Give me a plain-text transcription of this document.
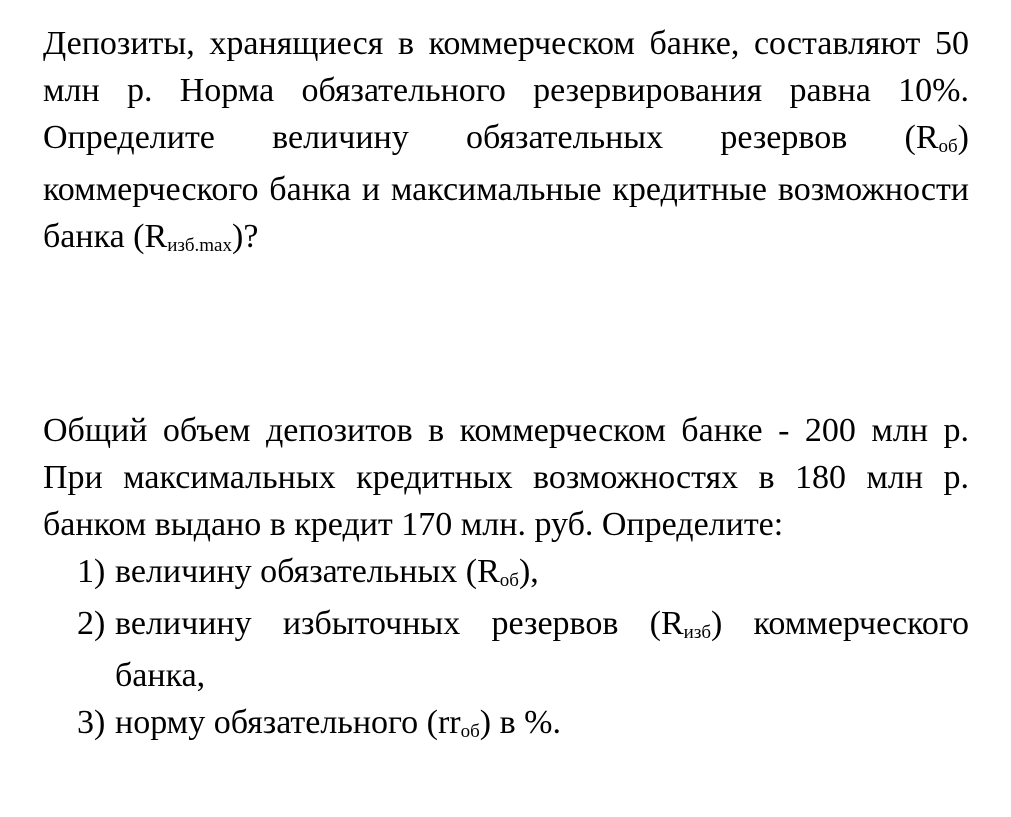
Депозиты, хранящиеся в коммерческом банке, составляют 50 млн р. Норма обязательного резервирования равна 10%. Определите величину обязательных резервов $(R_{об})$ коммерческого банка и максимальные кредитные возможности банка $(R_{изб.max})$?

Общий объем депозитов в коммерческом банке - 200 млн р. При максимальных кредитных возможностях в 180 млн р. банком выдано в кредит 170 млн. руб. Определите:

1) величину обязательных $(R_{об})$,
2) величину избыточных резервов $(R_{изб})$ коммерческого банка,
3) норму обязательного $(rr_{об})$ в %.
